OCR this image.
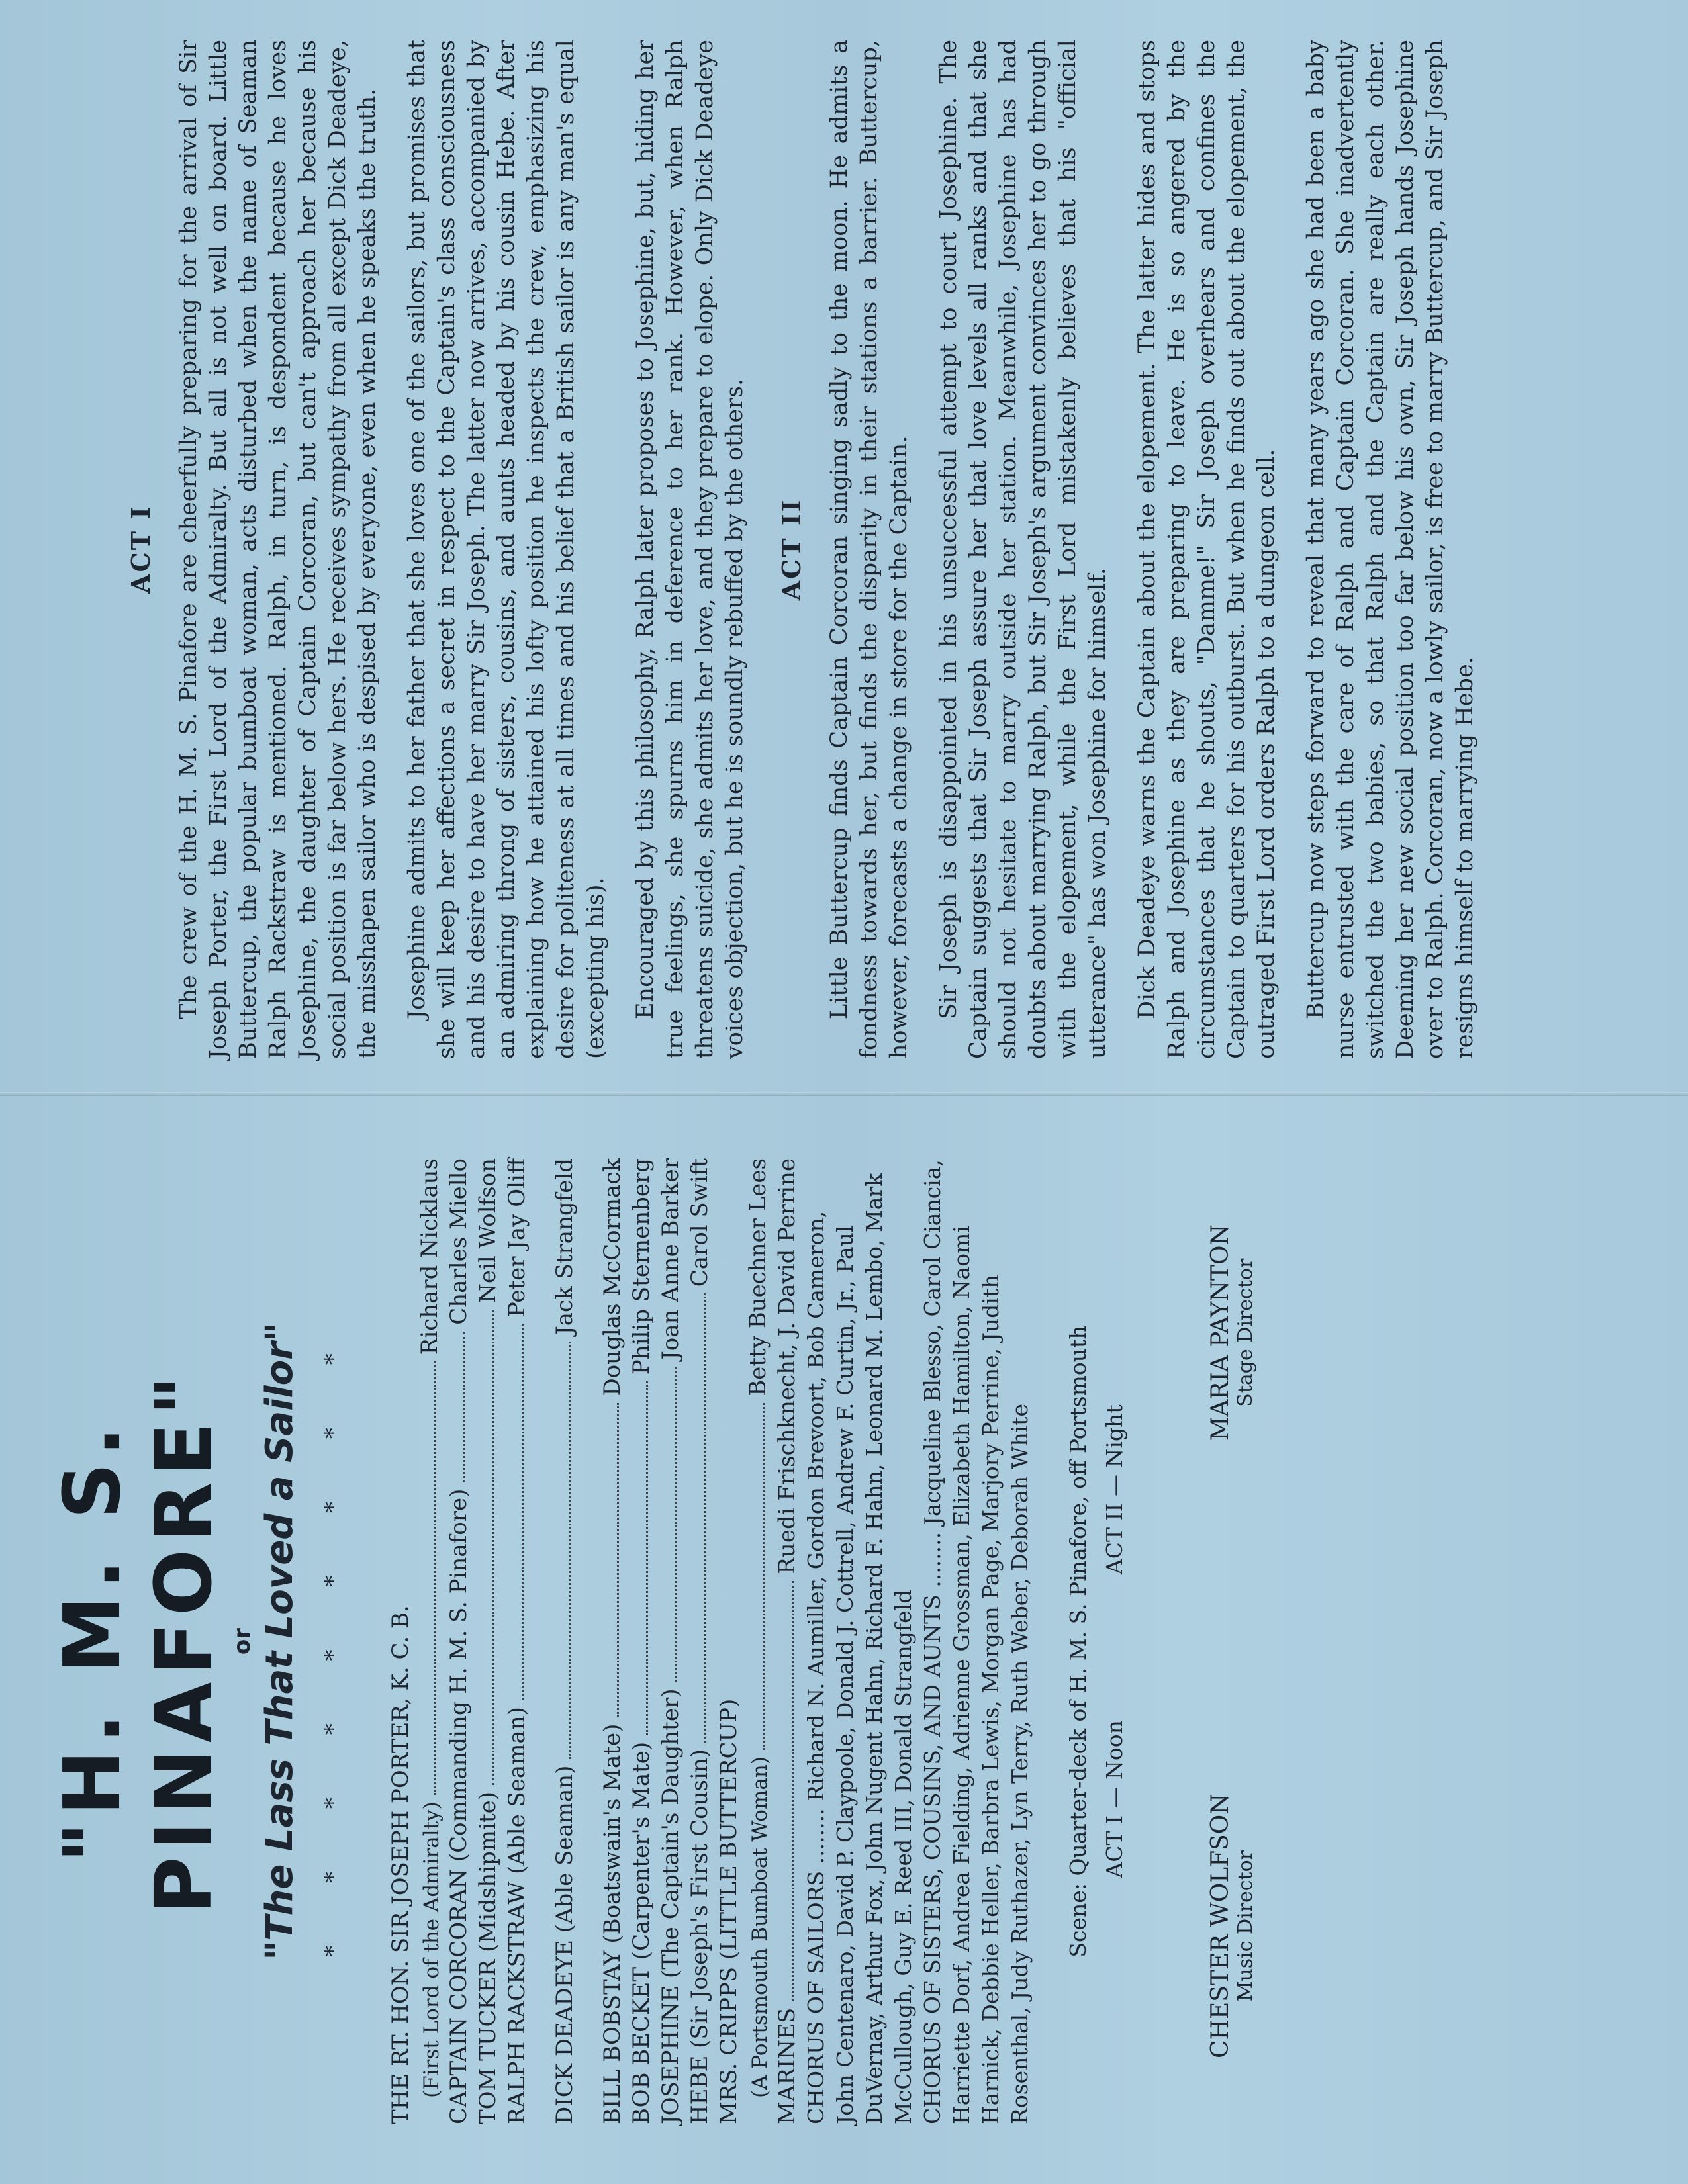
"H. M. S. PINAFORE" or "The Lass That Loved a Sailor" * * * * * * * * * THE RT. HON. SIR JOSEPH PORTER, K. C. B. (First Lord of the Admiralty)
Richard Nicklaus

CAPTAIN CORCORAN (Commanding H. M. S. Pinafore)
Charles Miello

TOM TUCKER (Midshipmite)
Neil Wolfson

RALPH RACKSTRAW (Able Seaman)
Peter Jay Oliff

DICK DEADEYE (Able Seaman)
Jack Strangfeld

BILL BOBSTAY (Boatswain's Mate)
Douglas McCormack

BOB BECKET (Carpenter's Mate)
Philip Sternenberg

JOSEPHINE (The Captain's Daughter)
Joan Anne Barker

HEBE (Sir Joseph's First Cousin)
Carol Swift

MRS. CRIPPS (LITTLE BUTTERCUP) (A Portsmouth Bumboat Woman)
Betty Buechner Lees

MARINES
Ruedi Frischknecht, J. David Perrine

CHORUS OF SAILORS ........ Richard N. Aumiller, Gordon Brevoort, Bob Cameron, John Centenaro, David P. Claypoole, Donald J. Cottrell, Andrew F. Curtin, Jr., Paul DuVernay, Arthur Fox, John Nugent Hahn, Richard F. Hahn, Leonard M. Lembo, Mark McCullough, Guy E. Reed III, Donald Strangfeld CHORUS OF SISTERS, COUSINS, AND AUNTS ........ Jacqueline Blesso, Carol Ciancia, Harriette Dorf, Andrea Fielding, Adrienne Grossman, Elizabeth Hamilton, Naomi Harnick, Debbie Heller, Barbra Lewis, Morgan Page, Marjory Perrine, Judith Rosenthal, Judy Ruthazer, Lyn Terry, Ruth Weber, Deborah White Scene: Quarter-deck of H. M. S. Pinafore, off Portsmouth ACT I — Noon
ACT II — Night
CHESTER WOLFSON Music Director
MARIA PAYNTON Stage Director
ACT I The crew of the H. M. S. Pinafore are cheerfully preparing for the arrival of Sir Joseph Porter, the First Lord of the Admiralty. But all is not well on board. Little Buttercup, the popular bumboat woman, acts disturbed when the name of Seaman Ralph Rackstraw is mentioned. Ralph, in turn, is despondent because he loves Josephine, the daughter of Captain Corcoran, but can't approach her because his social position is far below hers. He receives sympathy from all except Dick Deadeye, the misshapen sailor who is despised by everyone, even when he speaks the truth. Josephine admits to her father that she loves one of the sailors, but promises that she will keep her affections a secret in respect to the Captain's class consciousness and his desire to have her marry Sir Joseph. The latter now arrives, accompanied by an admiring throng of sisters, cousins, and aunts headed by his cousin Hebe. After explaining how he attained his lofty position he inspects the crew, emphasizing his desire for politeness at all times and his belief that a British sailor is any man's equal (excepting his). Encouraged by this philosophy, Ralph later proposes to Josephine, but, hiding her true feelings, she spurns him in deference to her rank. However, when Ralph threatens suicide, she admits her love, and they prepare to elope. Only Dick Deadeye voices objection, but he is soundly rebuffed by the others. ACT II Little Buttercup finds Captain Corcoran singing sadly to the moon. He admits a fondness towards her, but finds the disparity in their stations a barrier. Buttercup, however, forecasts a change in store for the Captain. Sir Joseph is disappointed in his unsuccessful attempt to court Josephine. The Captain suggests that Sir Joseph assure her that love levels all ranks and that she should not hesitate to marry outside her station. Meanwhile, Josephine has had doubts about marrying Ralph, but Sir Joseph's argument convinces her to go through with the elopement, while the First Lord mistakenly believes that his "official utterance" has won Josephine for himself. Dick Deadeye warns the Captain about the elopement. The latter hides and stops Ralph and Josephine as they are preparing to leave. He is so angered by the circumstances that he shouts, "Damme!" Sir Joseph overhears and confines the Captain to quarters for his outburst. But when he finds out about the elopement, the outraged First Lord orders Ralph to a dungeon cell. Buttercup now steps forward to reveal that many years ago she had been a baby nurse entrusted with the care of Ralph and Captain Corcoran. She inadvertently switched the two babies, so that Ralph and the Captain are really each other. Deeming her new social position too far below his own, Sir Joseph hands Josephine over to Ralph. Corcoran, now a lowly sailor, is free to marry Buttercup, and Sir Joseph resigns himself to marrying Hebe.
